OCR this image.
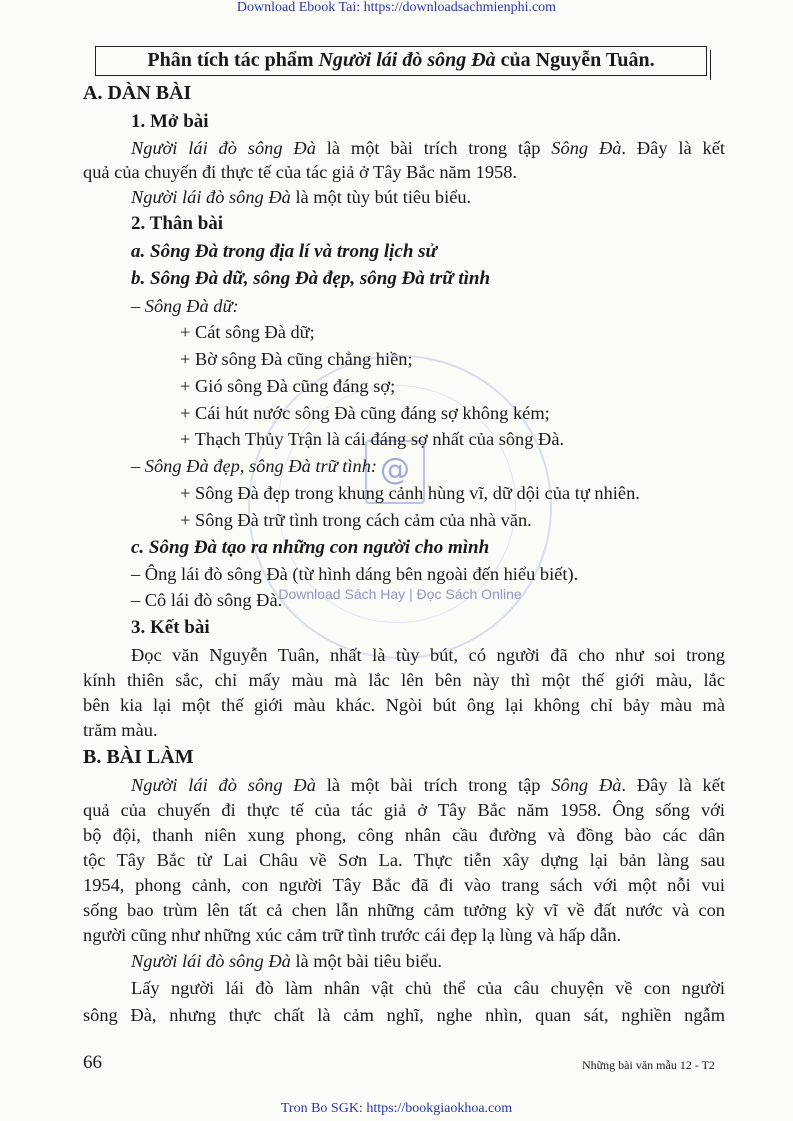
Download Ebook Tai: https://downloadsachmienphi.com
@
Download Sách Hay | Đọc Sách Online
Phân tích tác phẩm Người lái đò sông Đà của Nguyễn Tuân.
A. DÀN BÀI
1. Mở bài
Người lái đò sông Đà là một bài trích trong tập Sông Đà. Đây là kết
quả của chuyến đi thực tế của tác giả ở Tây Bắc năm 1958.
Người lái đò sông Đà là một tùy bút tiêu biểu.
2. Thân bài
a. Sông Đà trong địa lí và trong lịch sử
b. Sông Đà dữ, sông Đà đẹp, sông Đà trữ tình
– Sông Đà dữ:
+ Cát sông Đà dữ;
+ Bờ sông Đà cũng chẳng hiền;
+ Gió sông Đà cũng đáng sợ;
+ Cái hút nước sông Đà cũng đáng sợ không kém;
+ Thạch Thủy Trận là cái đáng sợ nhất của sông Đà.
– Sông Đà đẹp, sông Đà trữ tình:
+ Sông Đà đẹp trong khung cảnh hùng vĩ, dữ dội của tự nhiên.
+ Sông Đà trữ tình trong cách cảm của nhà văn.
c. Sông Đà tạo ra những con người cho mình
– Ông lái đò sông Đà (từ hình dáng bên ngoài đến hiểu biết).
– Cô lái đò sông Đà.
3. Kết bài
Đọc văn Nguyễn Tuân, nhất là tùy bút, có người đã cho như soi trong
kính thiên sắc, chỉ mấy màu mà lắc lên bên này thì một thế giới màu, lắc
bên kia lại một thế giới màu khác. Ngòi bút ông lại không chỉ bảy màu mà
trăm màu.
B. BÀI LÀM
Người lái đò sông Đà là một bài trích trong tập Sông Đà. Đây là kết
quả của chuyến đi thực tế của tác giả ở Tây Bắc năm 1958. Ông sống với
bộ đội, thanh niên xung phong, công nhân cầu đường và đồng bào các dân
tộc Tây Bắc từ Lai Châu về Sơn La. Thực tiễn xây dựng lại bản làng sau
1954, phong cảnh, con người Tây Bắc đã đi vào trang sách với một nỗi vui
sống bao trùm lên tất cả chen lẫn những cảm tưởng kỳ vĩ về đất nước và con
người cũng như những xúc cảm trữ tình trước cái đẹp lạ lùng và hấp dẫn.
Người lái đò sông Đà là một bài tiêu biểu.
Lấy người lái đò làm nhân vật chủ thể của câu chuyện về con người
sông Đà, nhưng thực chất là cảm nghĩ, nghe nhìn, quan sát, nghiền ngẫm
66	Những bài văn mẫu 12 - T2
Tron Bo SGK: https://bookgiaokhoa.com
